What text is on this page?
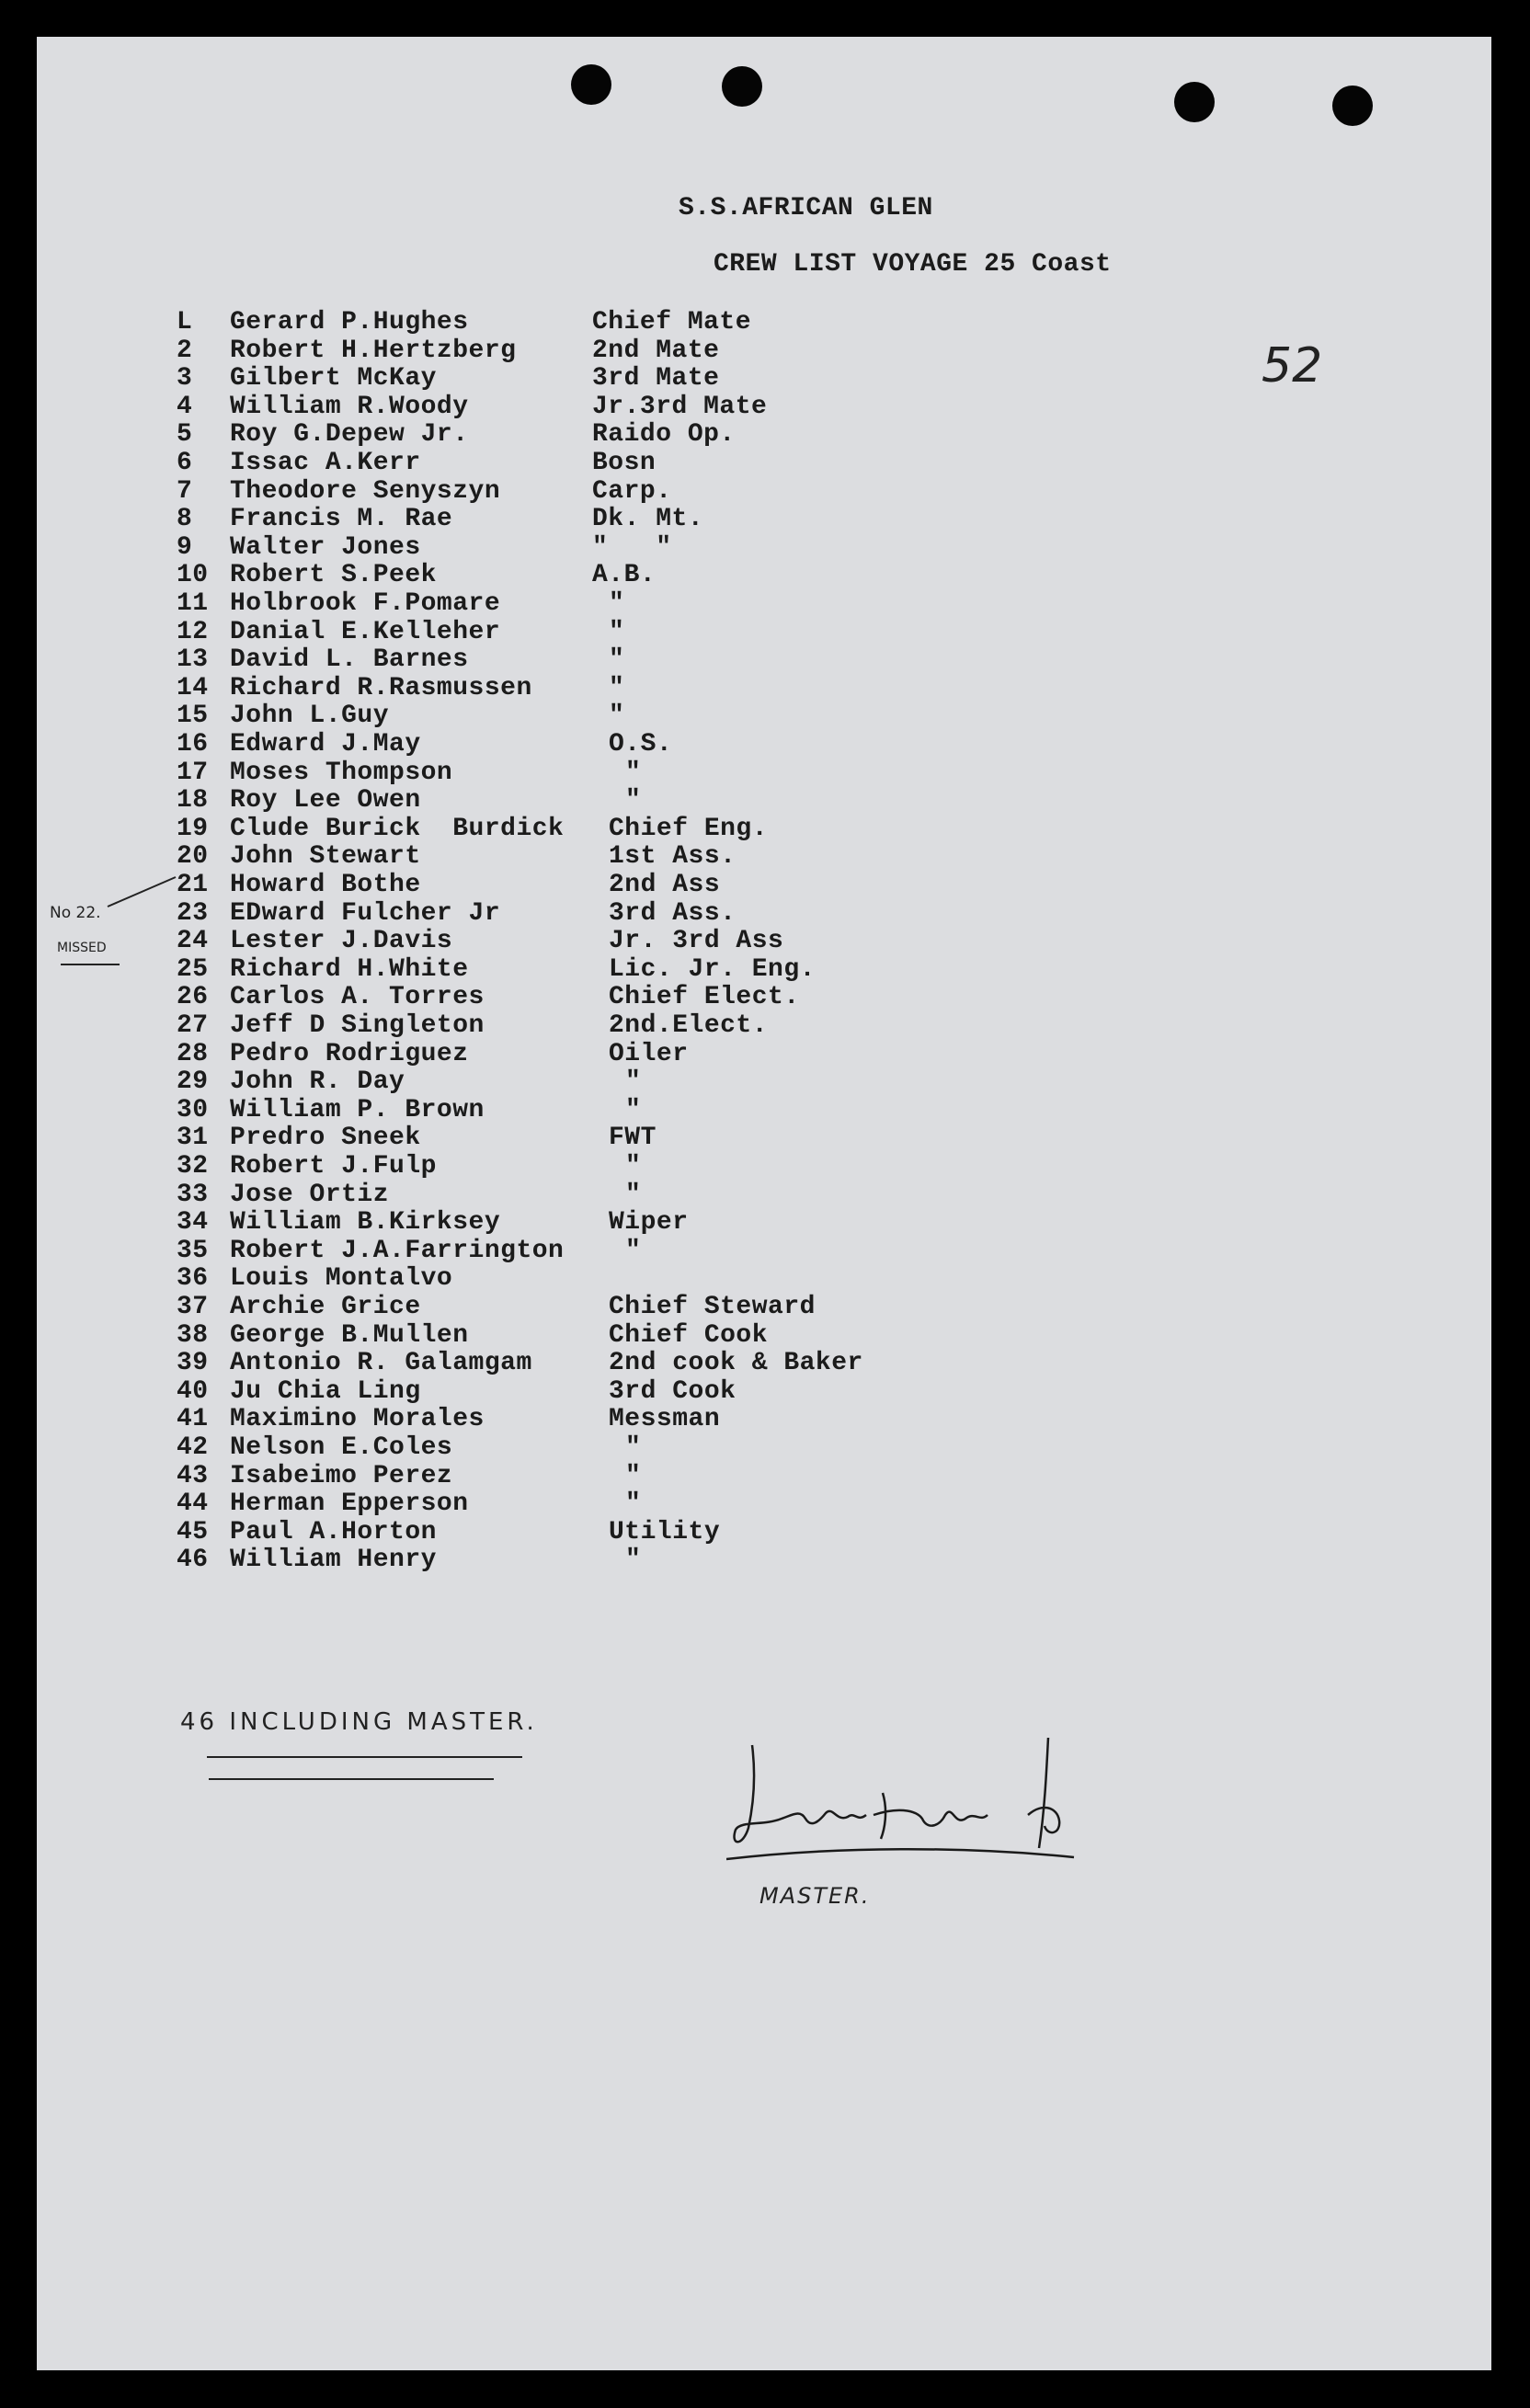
S.S.AFRICAN GLEN
CREW LIST VOYAGE 25 Coast
52
L Gerard P.Hughes	Chief Mate
2 Robert H.Hertzberg	2nd Mate
3 Gilbert McKay	3rd Mate
4 William R.Woody	Jr.3rd Mate
5 Roy G.Depew Jr.	Raido Op.
6 Issac A.Kerr	Bosn
7 Theodore Senyszyn	Carp.
8 Francis M. Rae	Dk. Mt.
9 Walter Jones	"   "
10 Robert S.Peek	A.B.
11 Holbrook F.Pomare	"
12 Danial E.Kelleher	"
13 David L. Barnes	"
14 Richard R.Rasmussen	"
15 John L.Guy	"
16 Edward J.May	O.S.
17 Moses Thompson	"
18 Roy Lee Owen	"
19 Clude Burick  Burdick Chief Eng.
20 John Stewart	1st Ass.
21 Howard Bothe	2nd Ass
23 EDward Fulcher Jr	3rd Ass.
24 Lester J.Davis	Jr. 3rd Ass
25 Richard H.White	Lic. Jr. Eng.
26 Carlos A. Torres	Chief Elect.
27 Jeff D Singleton	2nd.Elect.
28 Pedro Rodriguez	Oiler
29 John R. Day	"
30 William P. Brown	"
31 Predro Sneek	FWT
32 Robert J.Fulp	"
33 Jose Ortiz	"
34 William B.Kirksey	Wiper
35 Robert J.A.Farrington "
36 Louis Montalvo
37 Archie Grice	Chief Steward
38 George B.Mullen	Chief Cook
39 Antonio R. Galamgam	2nd cook & Baker
40 Ju Chia Ling	3rd Cook
41 Maximino Morales	Messman
42 Nelson E.Coles	"
43 Isabeimo Perez	"
44 Herman Epperson	"
45 Paul A.Horton	Utility
46 William Henry	"
No 22.
MISSED
46 INCLUDING MASTER.
MASTER.
